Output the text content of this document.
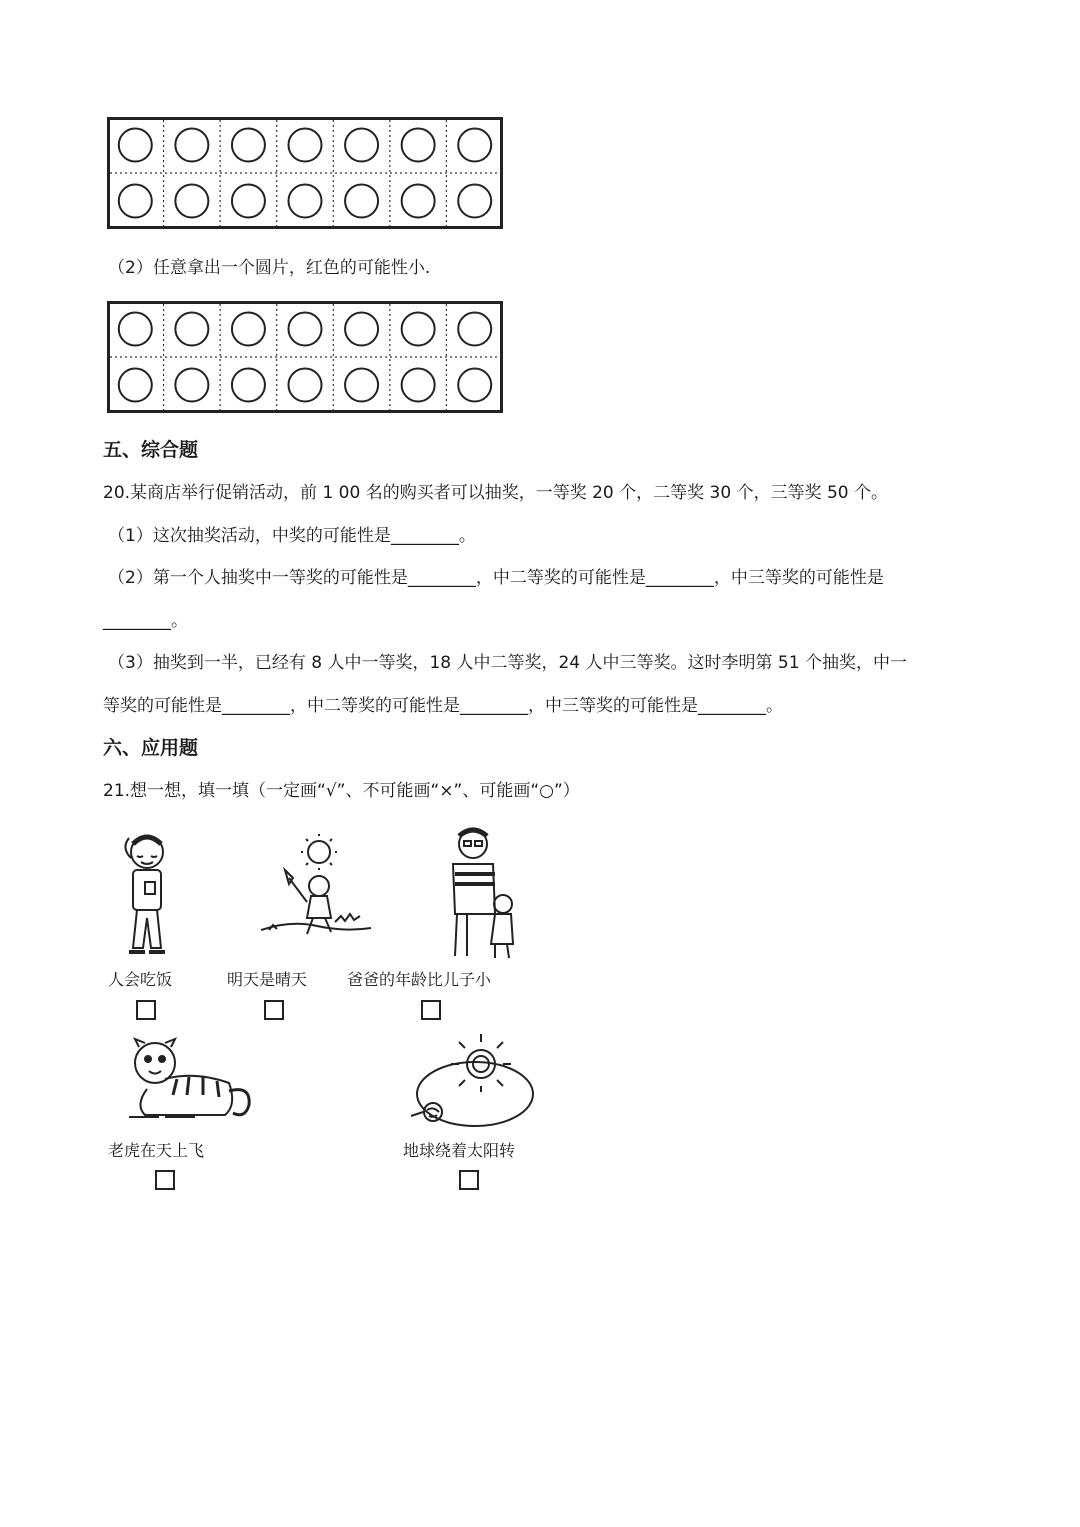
（2）任意拿出一个圆片，红色的可能性小.
五、综合题
20.某商店举行促销活动，前 1 00 名的购买者可以抽奖，一等奖 20 个，二等奖 30 个，三等奖 50 个。
（1）这次抽奖活动，中奖的可能性是________。
（2）第一个人抽奖中一等奖的可能性是________，中二等奖的可能性是________，中三等奖的可能性是
________。
（3）抽奖到一半，已经有 8 人中一等奖，18 人中二等奖，24 人中三等奖。这时李明第 51 个抽奖，中一
等奖的可能性是________，中二等奖的可能性是________，中三等奖的可能性是________。
六、应用题
21.想一想，填一填（一定画“√”、不可能画“×”、可能画“○”）
人会吃饭	明天是晴天 爸爸的年龄比儿子小
老虎在天上飞	地球绕着太阳转
